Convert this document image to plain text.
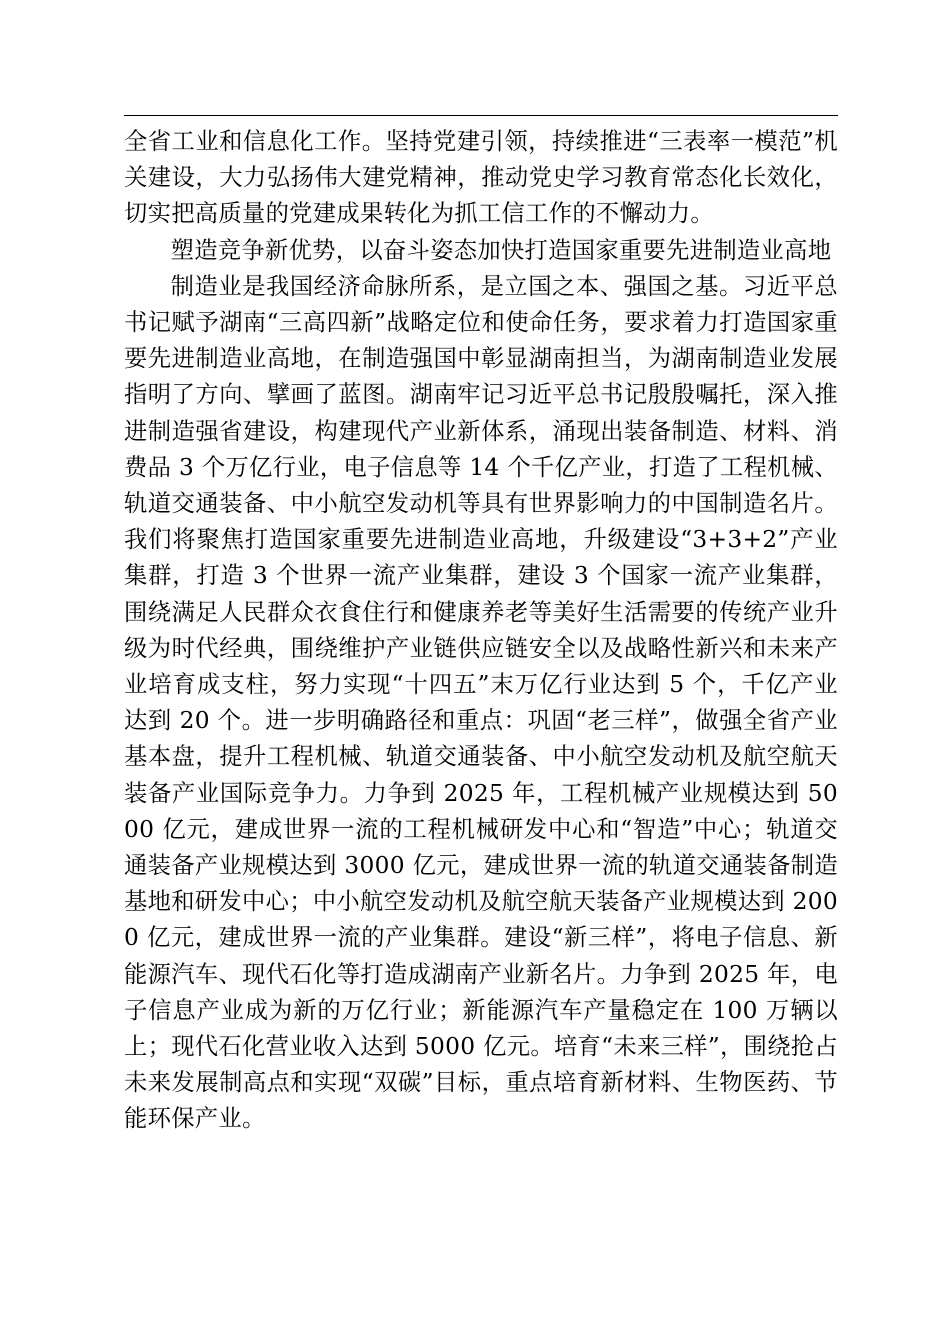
全省工业和信息化工作。坚持党建引领，持续推进“三表率一模范”机关建设，大力弘扬伟大建党精神，推动党史学习教育常态化长效化，切实把高质量的党建成果转化为抓工信工作的不懈动力。

塑造竞争新优势，以奋斗姿态加快打造国家重要先进制造业高地

制造业是我国经济命脉所系，是立国之本、强国之基。习近平总书记赋予湖南“三高四新”战略定位和使命任务，要求着力打造国家重要先进制造业高地，在制造强国中彰显湖南担当，为湖南制造业发展指明了方向、擘画了蓝图。湖南牢记习近平总书记殷殷嘱托，深入推进制造强省建设，构建现代产业新体系，涌现出装备制造、材料、消费品 3 个万亿行业，电子信息等 14 个千亿产业，打造了工程机械、轨道交通装备、中小航空发动机等具有世界影响力的中国制造名片。我们将聚焦打造国家重要先进制造业高地，升级建设“3+3+2”产业集群，打造 3 个世界一流产业集群，建设 3 个国家一流产业集群，围绕满足人民群众衣食住行和健康养老等美好生活需要的传统产业升级为时代经典，围绕维护产业链供应链安全以及战略性新兴和未来产业培育成支柱，努力实现“十四五”末万亿行业达到 5 个，千亿产业达到 20 个。进一步明确路径和重点：巩固“老三样”，做强全省产业基本盘，提升工程机械、轨道交通装备、中小航空发动机及航空航天装备产业国际竞争力。力争到 2025 年，工程机械产业规模达到 5000 亿元，建成世界一流的工程机械研发中心和“智造”中心；轨道交通装备产业规模达到 3000 亿元，建成世界一流的轨道交通装备制造基地和研发中心；中小航空发动机及航空航天装备产业规模达到 2000 亿元，建成世界一流的产业集群。建设“新三样”，将电子信息、新能源汽车、现代石化等打造成湖南产业新名片。力争到 2025 年，电子信息产业成为新的万亿行业；新能源汽车产量稳定在 100 万辆以上；现代石化营业收入达到 5000 亿元。培育“未来三样”，围绕抢占未来发展制高点和实现“双碳”目标，重点培育新材料、生物医药、节能环保产业。
